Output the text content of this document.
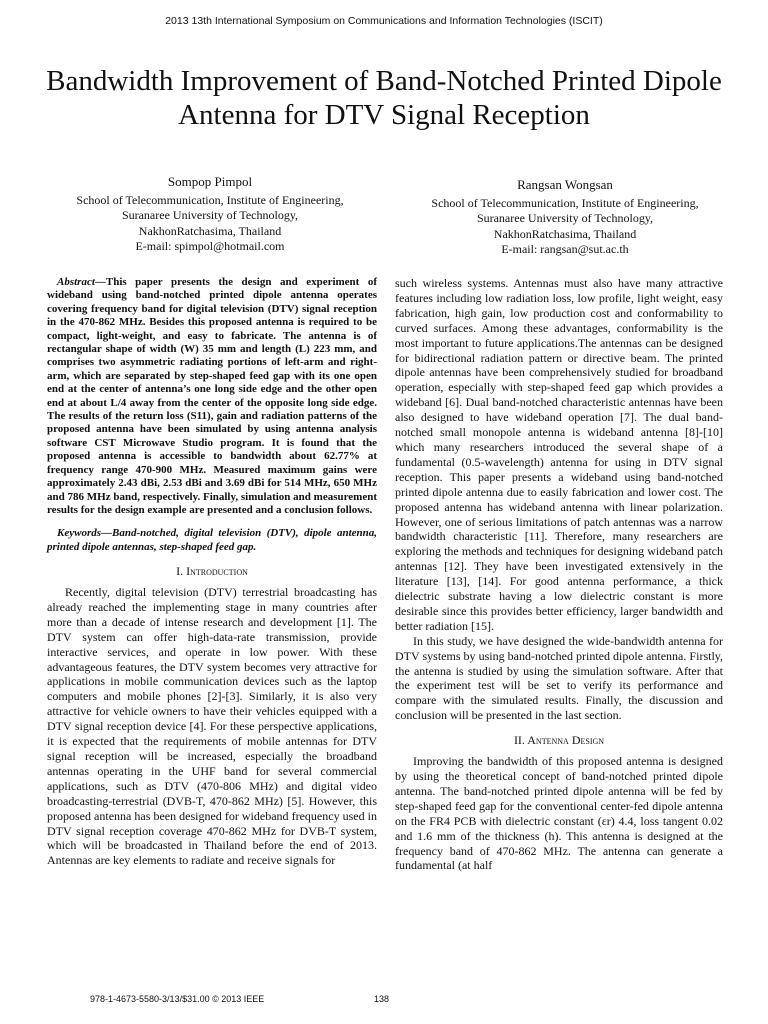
2013 13th International Symposium on Communications and Information Technologies (ISCIT)
Bandwidth Improvement of Band-Notched Printed Dipole Antenna for DTV Signal Reception
Sompop Pimpol
School of Telecommunication, Institute of Engineering,
Suranaree University of Technology,
NakhonRatchasima, Thailand
E-mail: spimpol@hotmail.com
Rangsan Wongsan
School of Telecommunication, Institute of Engineering,
Suranaree University of Technology,
NakhonRatchasima, Thailand
E-mail: rangsan@sut.ac.th

Abstract—This paper presents the design and experiment of wideband using band-notched printed dipole antenna operates covering frequency band for digital television (DTV) signal reception in the 470-862 MHz. Besides this proposed antenna is required to be compact, light-weight, and easy to fabricate. The antenna is of rectangular shape of width (W) 35 mm and length (L) 223 mm, and comprises two asymmetric radiating portions of left-arm and right-arm, which are separated by step-shaped feed gap with its one open end at the center of antenna’s one long side edge and the other open end at about L/4 away from the center of the opposite long side edge. The results of the return loss (S11), gain and radiation patterns of the proposed antenna have been simulated by using antenna analysis software CST Microwave Studio program. It is found that the proposed antenna is accessible to bandwidth about 62.77% at frequency range 470-900 MHz. Measured maximum gains were approximately 2.43 dBi, 2.53 dBi and 3.69 dBi for 514 MHz, 650 MHz and 786 MHz band, respectively. Finally, simulation and measurement results for the design example are presented and a conclusion follows.

Keywords—Band-notched, digital television (DTV), dipole antenna, printed dipole antennas, step-shaped feed gap.

I. Introduction

Recently, digital television (DTV) terrestrial broadcasting has already reached the implementing stage in many countries after more than a decade of intense research and development [1]. The DTV system can offer high-data-rate transmission, provide interactive services, and operate in low power. With these advantageous features, the DTV system becomes very attractive for applications in mobile communication devices such as the laptop computers and mobile phones [2]-[3]. Similarly, it is also very attractive for vehicle owners to have their vehicles equipped with a DTV signal reception device [4]. For these perspective applications, it is expected that the requirements of mobile antennas for DTV signal reception will be increased, especially the broadband antennas operating in the UHF band for several commercial applications, such as DTV (470-806 MHz) and digital video broadcasting-terrestrial (DVB-T, 470-862 MHz) [5]. However, this proposed antenna has been designed for wideband frequency used in DTV signal reception coverage 470-862 MHz for DVB-T system, which will be broadcasted in Thailand before the end of 2013. Antennas are key elements to radiate and receive signals for

such wireless systems. Antennas must also have many attractive features including low radiation loss, low profile, light weight, easy fabrication, high gain, low production cost and conformability to curved surfaces. Among these advantages, conformability is the most important to future applications.The antennas can be designed for bidirectional radiation pattern or directive beam. The printed dipole antennas have been comprehensively studied for broadband operation, especially with step-shaped feed gap which provides a wideband [6]. Dual band-notched characteristic antennas have been also designed to have wideband operation [7]. The dual band-notched small monopole antenna is wideband antenna [8]-[10] which many researchers introduced the several shape of a fundamental (0.5-wavelength) antenna for using in DTV signal reception. This paper presents a wideband using band-notched printed dipole antenna due to easily fabrication and lower cost. The proposed antenna has wideband antenna with linear polarization. However, one of serious limitations of patch antennas was a narrow bandwidth characteristic [11]. Therefore, many researchers are exploring the methods and techniques for designing wideband patch antennas [12]. They have been investigated extensively in the literature [13], [14]. For good antenna performance, a thick dielectric substrate having a low dielectric constant is more desirable since this provides better efficiency, larger bandwidth and better radiation [15].

In this study, we have designed the wide-bandwidth antenna for DTV systems by using band-notched printed dipole antenna. Firstly, the antenna is studied by using the simulation software. After that the experiment test will be set to verify its performance and compare with the simulated results. Finally, the discussion and conclusion will be presented in the last section.

II. Antenna Design

Improving the bandwidth of this proposed antenna is designed by using the theoretical concept of band-notched printed dipole antenna. The band-notched printed dipole antenna will be fed by step-shaped feed gap for the conventional center-fed dipole antenna on the FR4 PCB with dielectric constant (εr) 4.4, loss tangent 0.02 and 1.6 mm of the thickness (h). This antenna is designed at the frequency band of 470-862 MHz. The antenna can generate a fundamental (at half

978-1-4673-5580-3/13/$31.00 © 2013 IEEE	138
